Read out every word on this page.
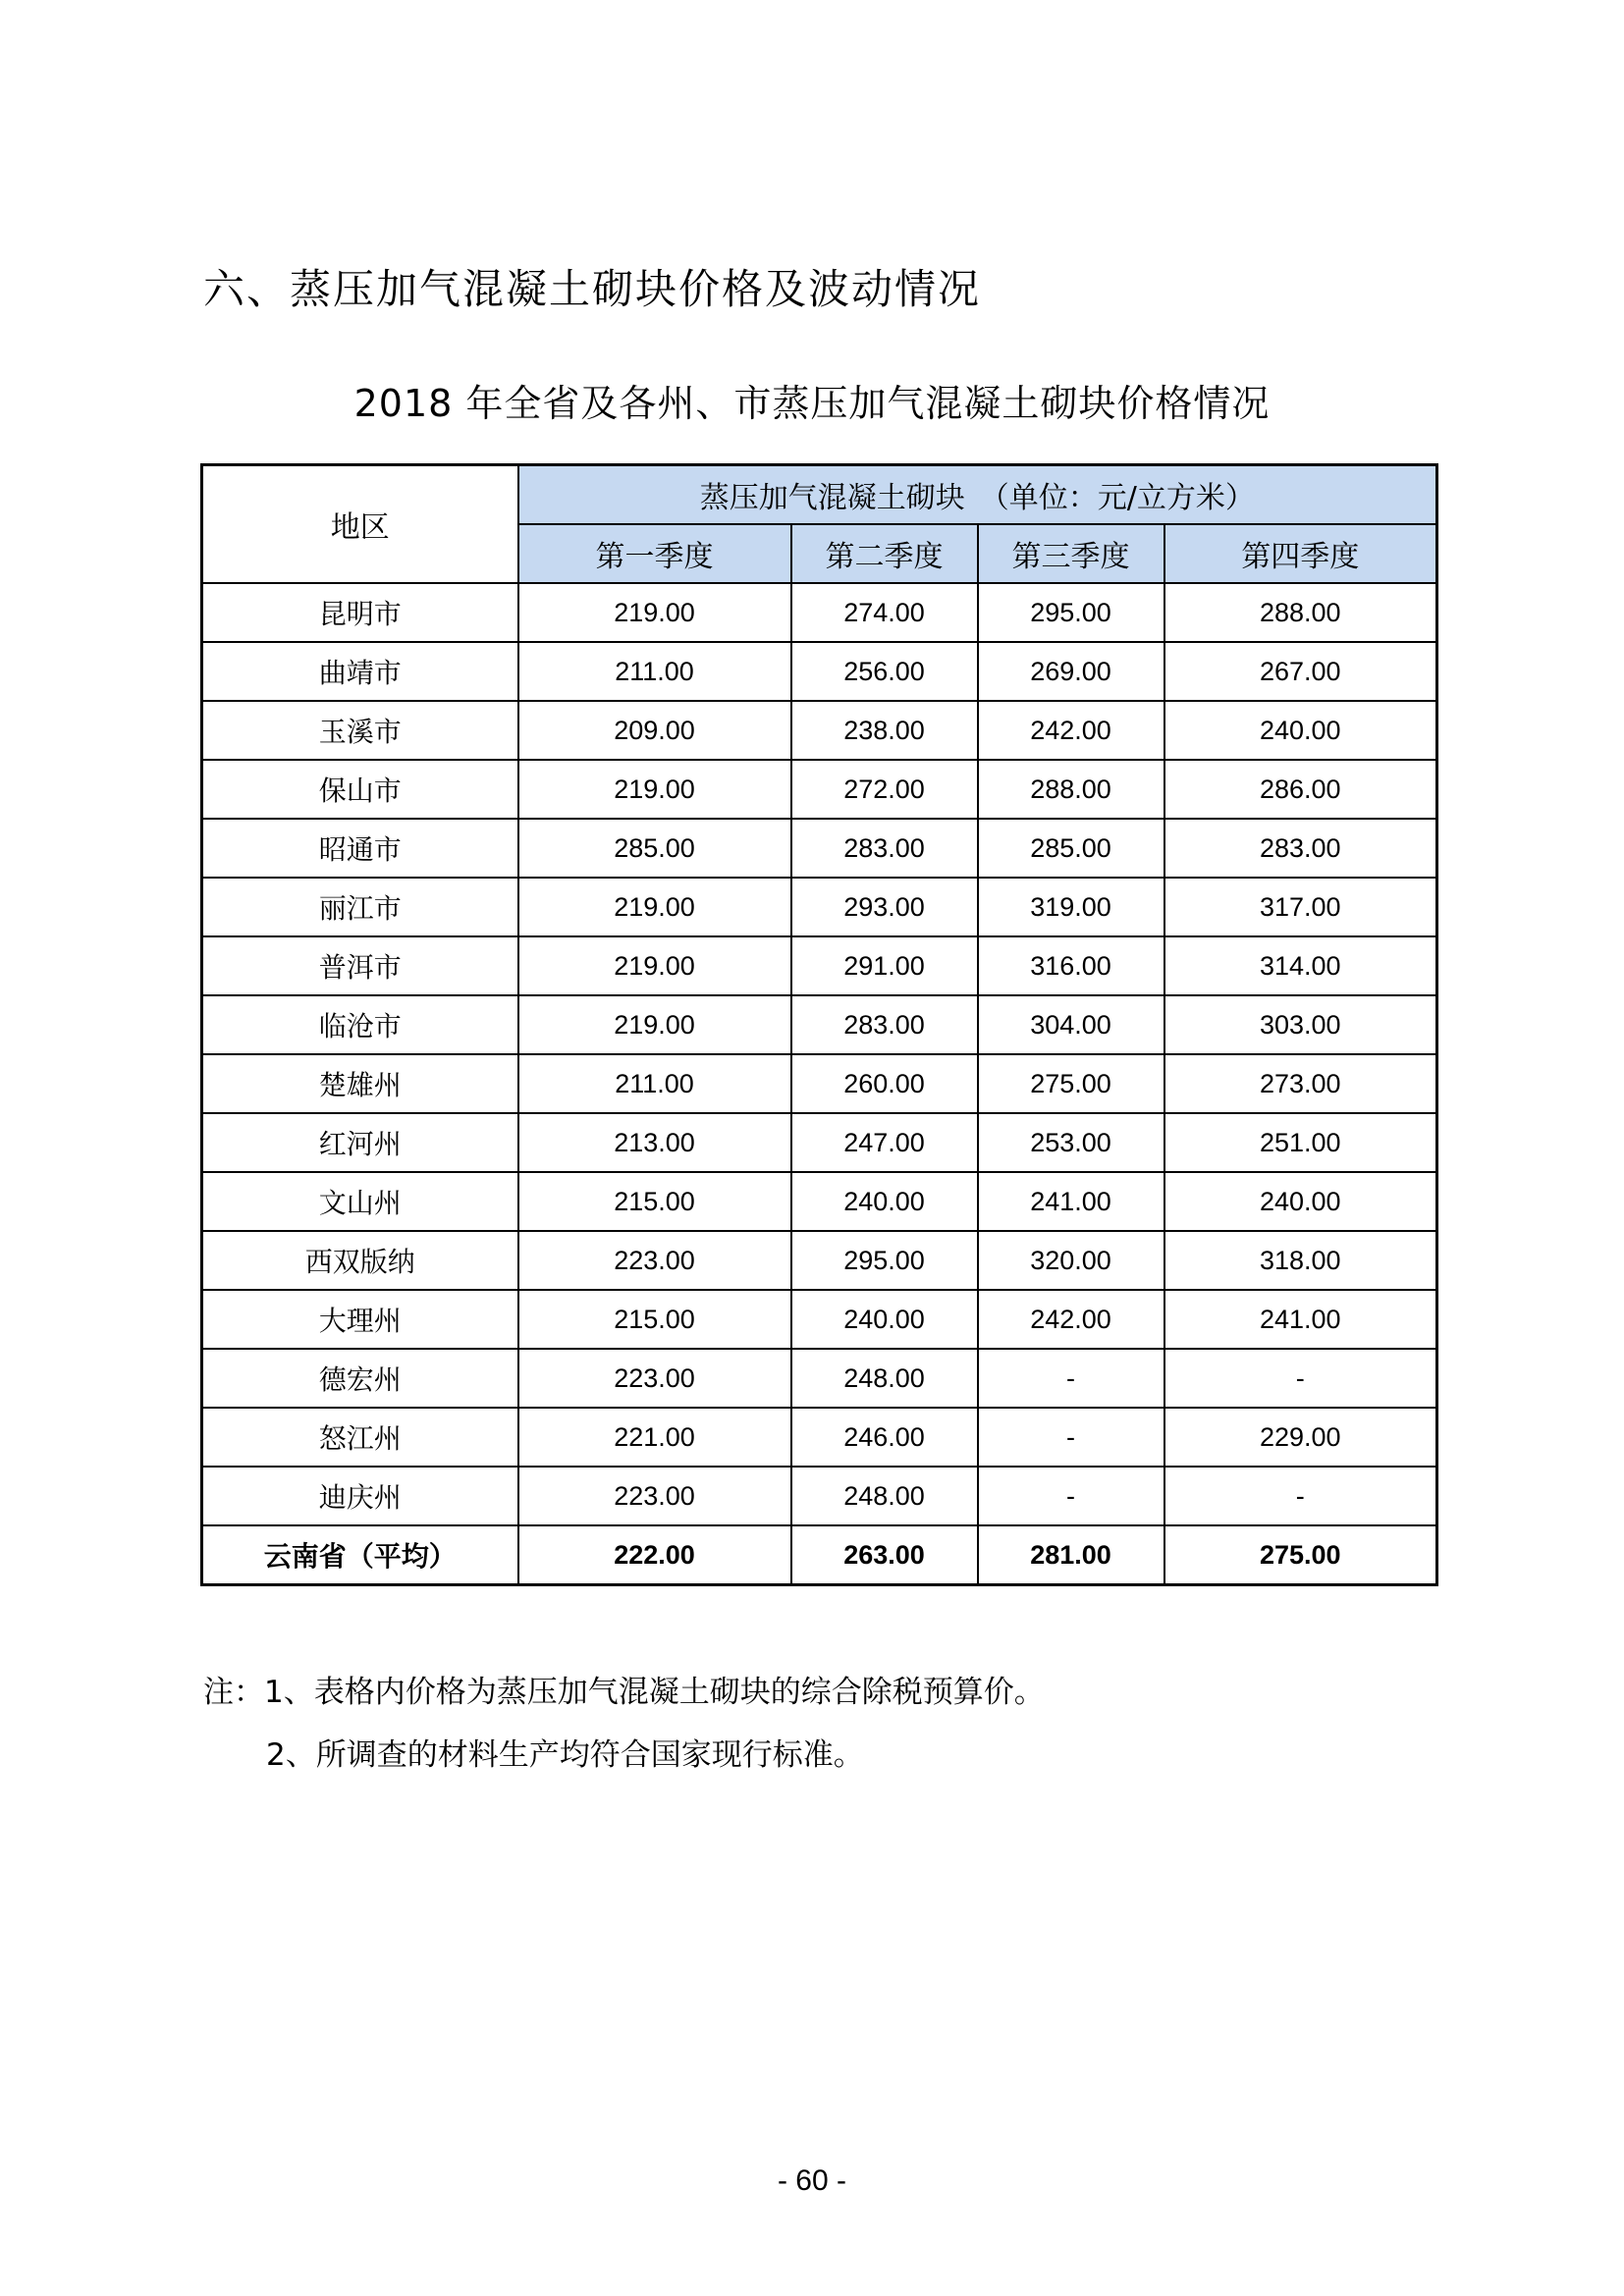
六、蒸压加气混凝土砌块价格及波动情况
2018 年全省及各州、市蒸压加气混凝土砌块价格情况
地区	蒸压加气混凝土砌块　（单位：元/立方米）			
	第一季度	第二季度	第三季度	第四季度
昆明市	219.00	274.00	295.00	288.00
曲靖市	211.00	256.00	269.00	267.00
玉溪市	209.00	238.00	242.00	240.00
保山市	219.00	272.00	288.00	286.00
昭通市	285.00	283.00	285.00	283.00
丽江市	219.00	293.00	319.00	317.00
普洱市	219.00	291.00	316.00	314.00
临沧市	219.00	283.00	304.00	303.00
楚雄州	211.00	260.00	275.00	273.00
红河州	213.00	247.00	253.00	251.00
文山州	215.00	240.00	241.00	240.00
西双版纳	223.00	295.00	320.00	318.00
大理州	215.00	240.00	242.00	241.00
德宏州	223.00	248.00	-	-
怒江州	221.00	246.00	-	229.00
迪庆州	223.00	248.00	-	-
云南省（平均）	222.00	263.00	281.00	275.00
注：1、表格内价格为蒸压加气混凝土砌块的综合除税预算价。
2、所调查的材料生产均符合国家现行标准。
- 60 -
